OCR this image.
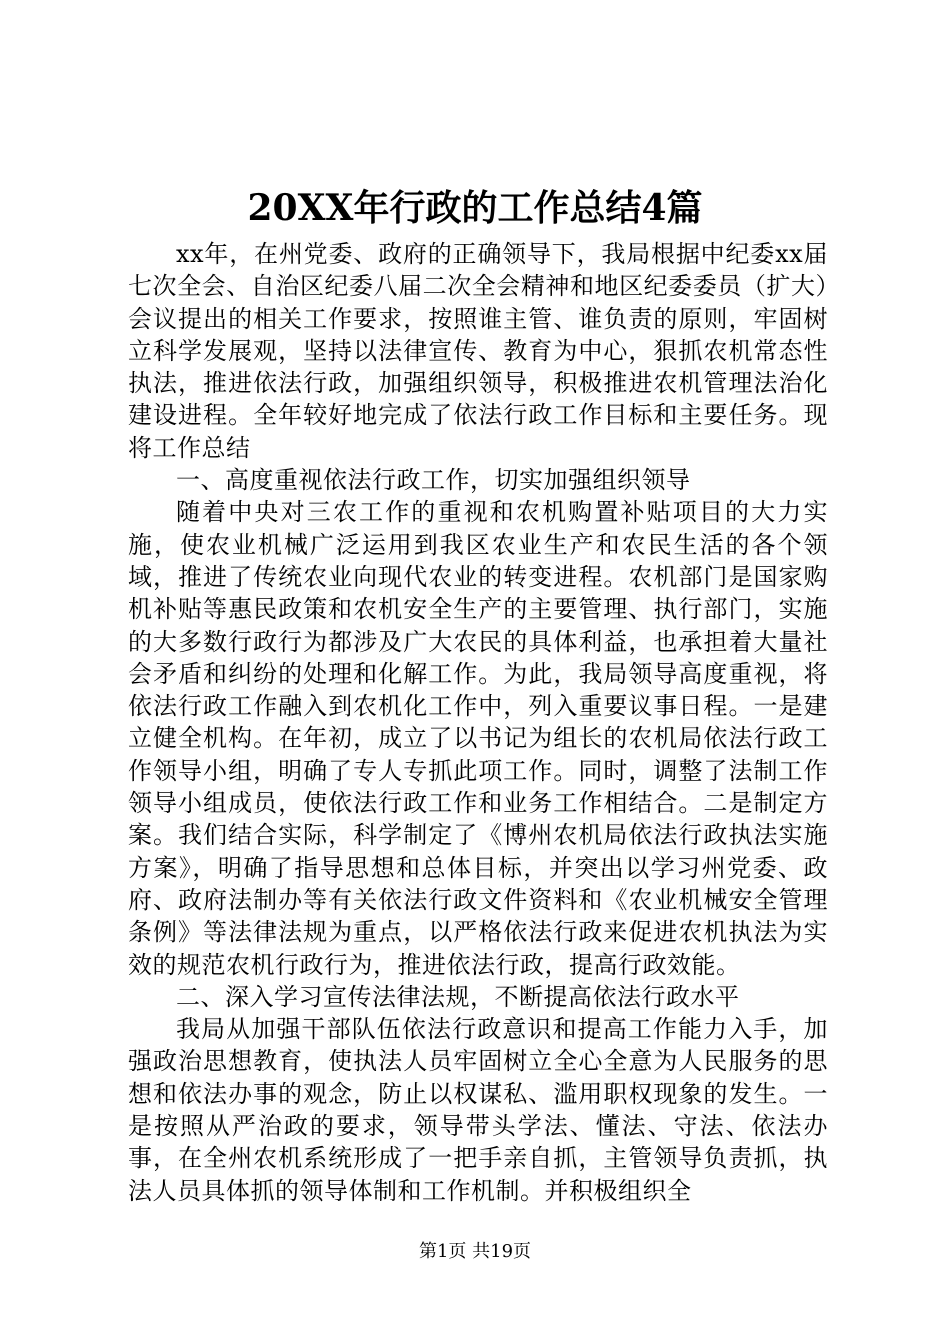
20XX年行政的工作总结4篇

xx年，在州党委、政府的正确领导下，我局根据中纪委xx届七次全会、自治区纪委八届二次全会精神和地区纪委委员（扩大）会议提出的相关工作要求，按照谁主管、谁负责的原则，牢固树立科学发展观，坚持以法律宣传、教育为中心，狠抓农机常态性执法，推进依法行政，加强组织领导，积极推进农机管理法治化建设进程。全年较好地完成了依法行政工作目标和主要任务。现将工作总结

一、高度重视依法行政工作，切实加强组织领导

随着中央对三农工作的重视和农机购置补贴项目的大力实施，使农业机械广泛运用到我区农业生产和农民生活的各个领域，推进了传统农业向现代农业的转变进程。农机部门是国家购机补贴等惠民政策和农机安全生产的主要管理、执行部门，实施的大多数行政行为都涉及广大农民的具体利益，也承担着大量社会矛盾和纠纷的处理和化解工作。为此，我局领导高度重视，将依法行政工作融入到农机化工作中，列入重要议事日程。一是建立健全机构。在年初，成立了以书记为组长的农机局依法行政工作领导小组，明确了专人专抓此项工作。同时，调整了法制工作领导小组成员，使依法行政工作和业务工作相结合。二是制定方案。我们结合实际，科学制定了《博州农机局依法行政执法实施方案》，明确了指导思想和总体目标，并突出以学习州党委、政府、政府法制办等有关依法行政文件资料和《农业机械安全管理条例》等法律法规为重点，以严格依法行政来促进农机执法为实效的规范农机行政行为，推进依法行政，提高行政效能。

二、深入学习宣传法律法规，不断提高依法行政水平

我局从加强干部队伍依法行政意识和提高工作能力入手，加强政治思想教育，使执法人员牢固树立全心全意为人民服务的思想和依法办事的观念，防止以权谋私、滥用职权现象的发生。一是按照从严治政的要求，领导带头学法、懂法、守法、依法办事，在全州农机系统形成了一把手亲自抓，主管领导负责抓，执法人员具体抓的领导体制和工作机制。并积极组织全

第1页 共19页
